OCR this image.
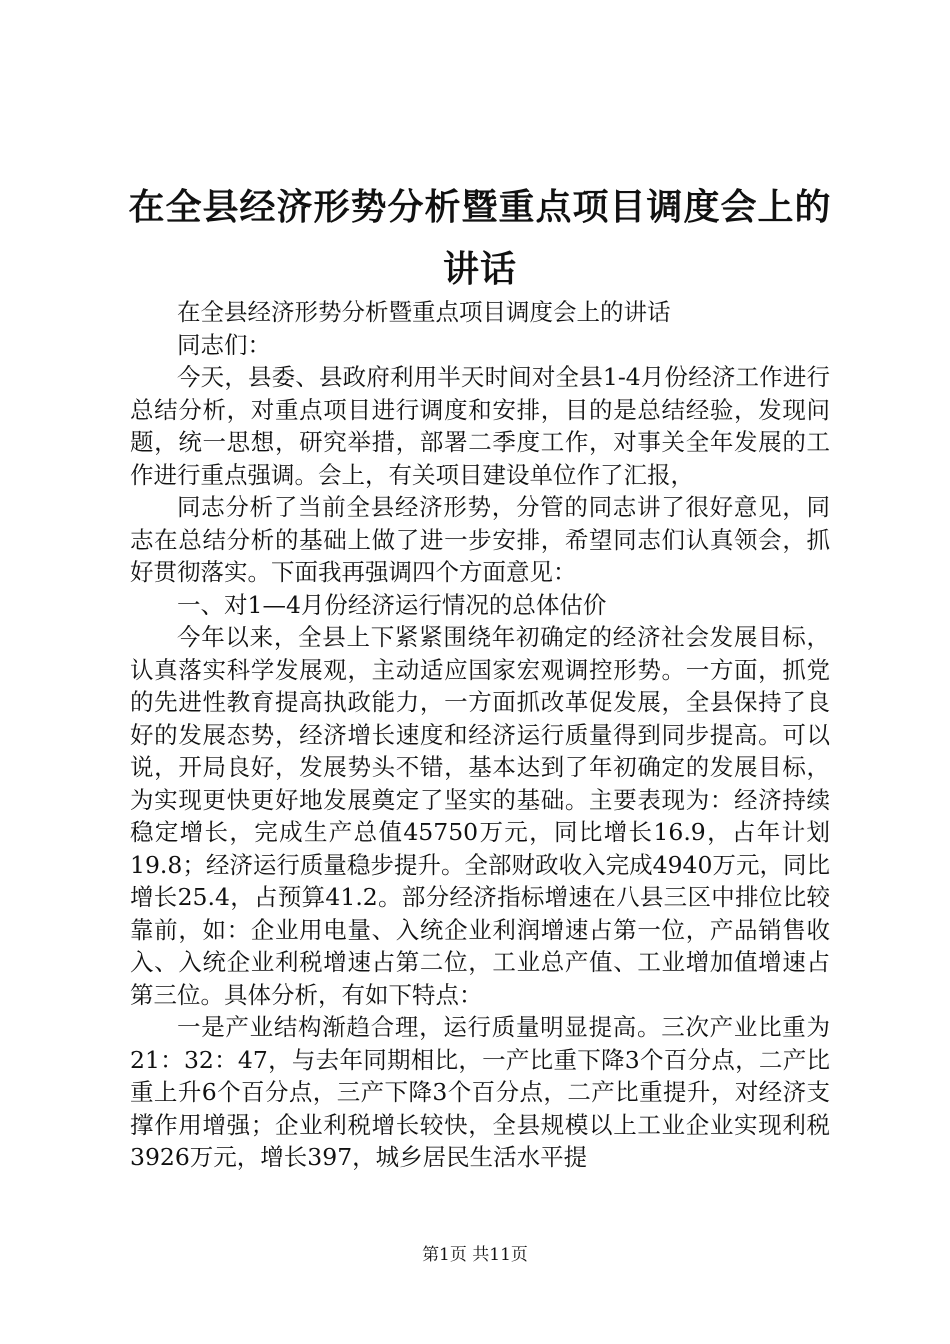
在全县经济形势分析暨重点项目调度会上的讲话

在全县经济形势分析暨重点项目调度会上的讲话

同志们：

今天，县委、县政府利用半天时间对全县1-4月份经济工作进行总结分析，对重点项目进行调度和安排，目的是总结经验，发现问题，统一思想，研究举措，部署二季度工作，对事关全年发展的工作进行重点强调。会上，有关项目建设单位作了汇报，

同志分析了当前全县经济形势，分管的同志讲了很好意见，同志在总结分析的基础上做了进一步安排，希望同志们认真领会，抓好贯彻落实。下面我再强调四个方面意见：

一、对1—4月份经济运行情况的总体估价

今年以来，全县上下紧紧围绕年初确定的经济社会发展目标，认真落实科学发展观，主动适应国家宏观调控形势。一方面，抓党的先进性教育提高执政能力，一方面抓改革促发展，全县保持了良好的发展态势，经济增长速度和经济运行质量得到同步提高。可以说，开局良好，发展势头不错，基本达到了年初确定的发展目标，为实现更快更好地发展奠定了坚实的基础。主要表现为：经济持续稳定增长，完成生产总值45750万元，同比增长16.9，占年计划19.8；经济运行质量稳步提升。全部财政收入完成4940万元，同比增长25.4，占预算41.2。部分经济指标增速在八县三区中排位比较靠前，如：企业用电量、入统企业利润增速占第一位，产品销售收入、入统企业利税增速占第二位，工业总产值、工业增加值增速占第三位。具体分析，有如下特点：

一是产业结构渐趋合理，运行质量明显提高。三次产业比重为21：32：47，与去年同期相比，一产比重下降3个百分点，二产比重上升6个百分点，三产下降3个百分点，二产比重提升，对经济支撑作用增强；企业利税增长较快，全县规模以上工业企业实现利税3926万元，增长397，城乡居民生活水平提

第1页 共11页
